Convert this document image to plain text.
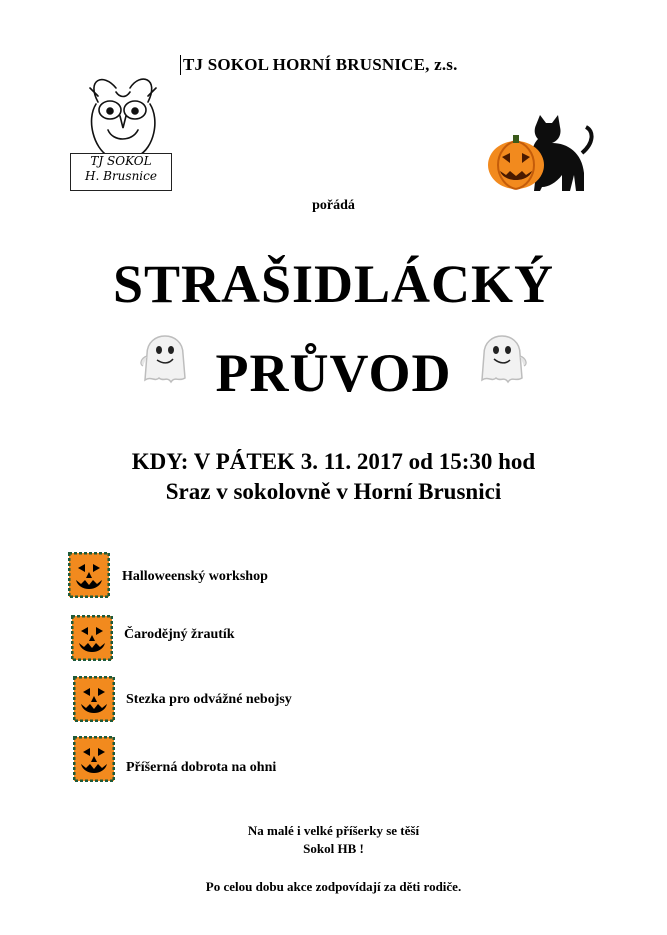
TJ SOKOL HORNÍ BRUSNICE, z.s.
TJ SOKOL
H. Brusnice
pořádá
STRAŠIDLÁCKÝ
PRŮVOD
KDY: V PÁTEK 3. 11. 2017 od 15:30 hod
Sraz v sokolovně v Horní Brusnici
Halloweenský workshop
Čarodějný žrautík
Stezka pro odvážné nebojsy
Příšerná dobrota na ohni
Na malé i velké příšerky se těší
Sokol HB !
Po celou dobu akce zodpovídají za děti rodiče.
